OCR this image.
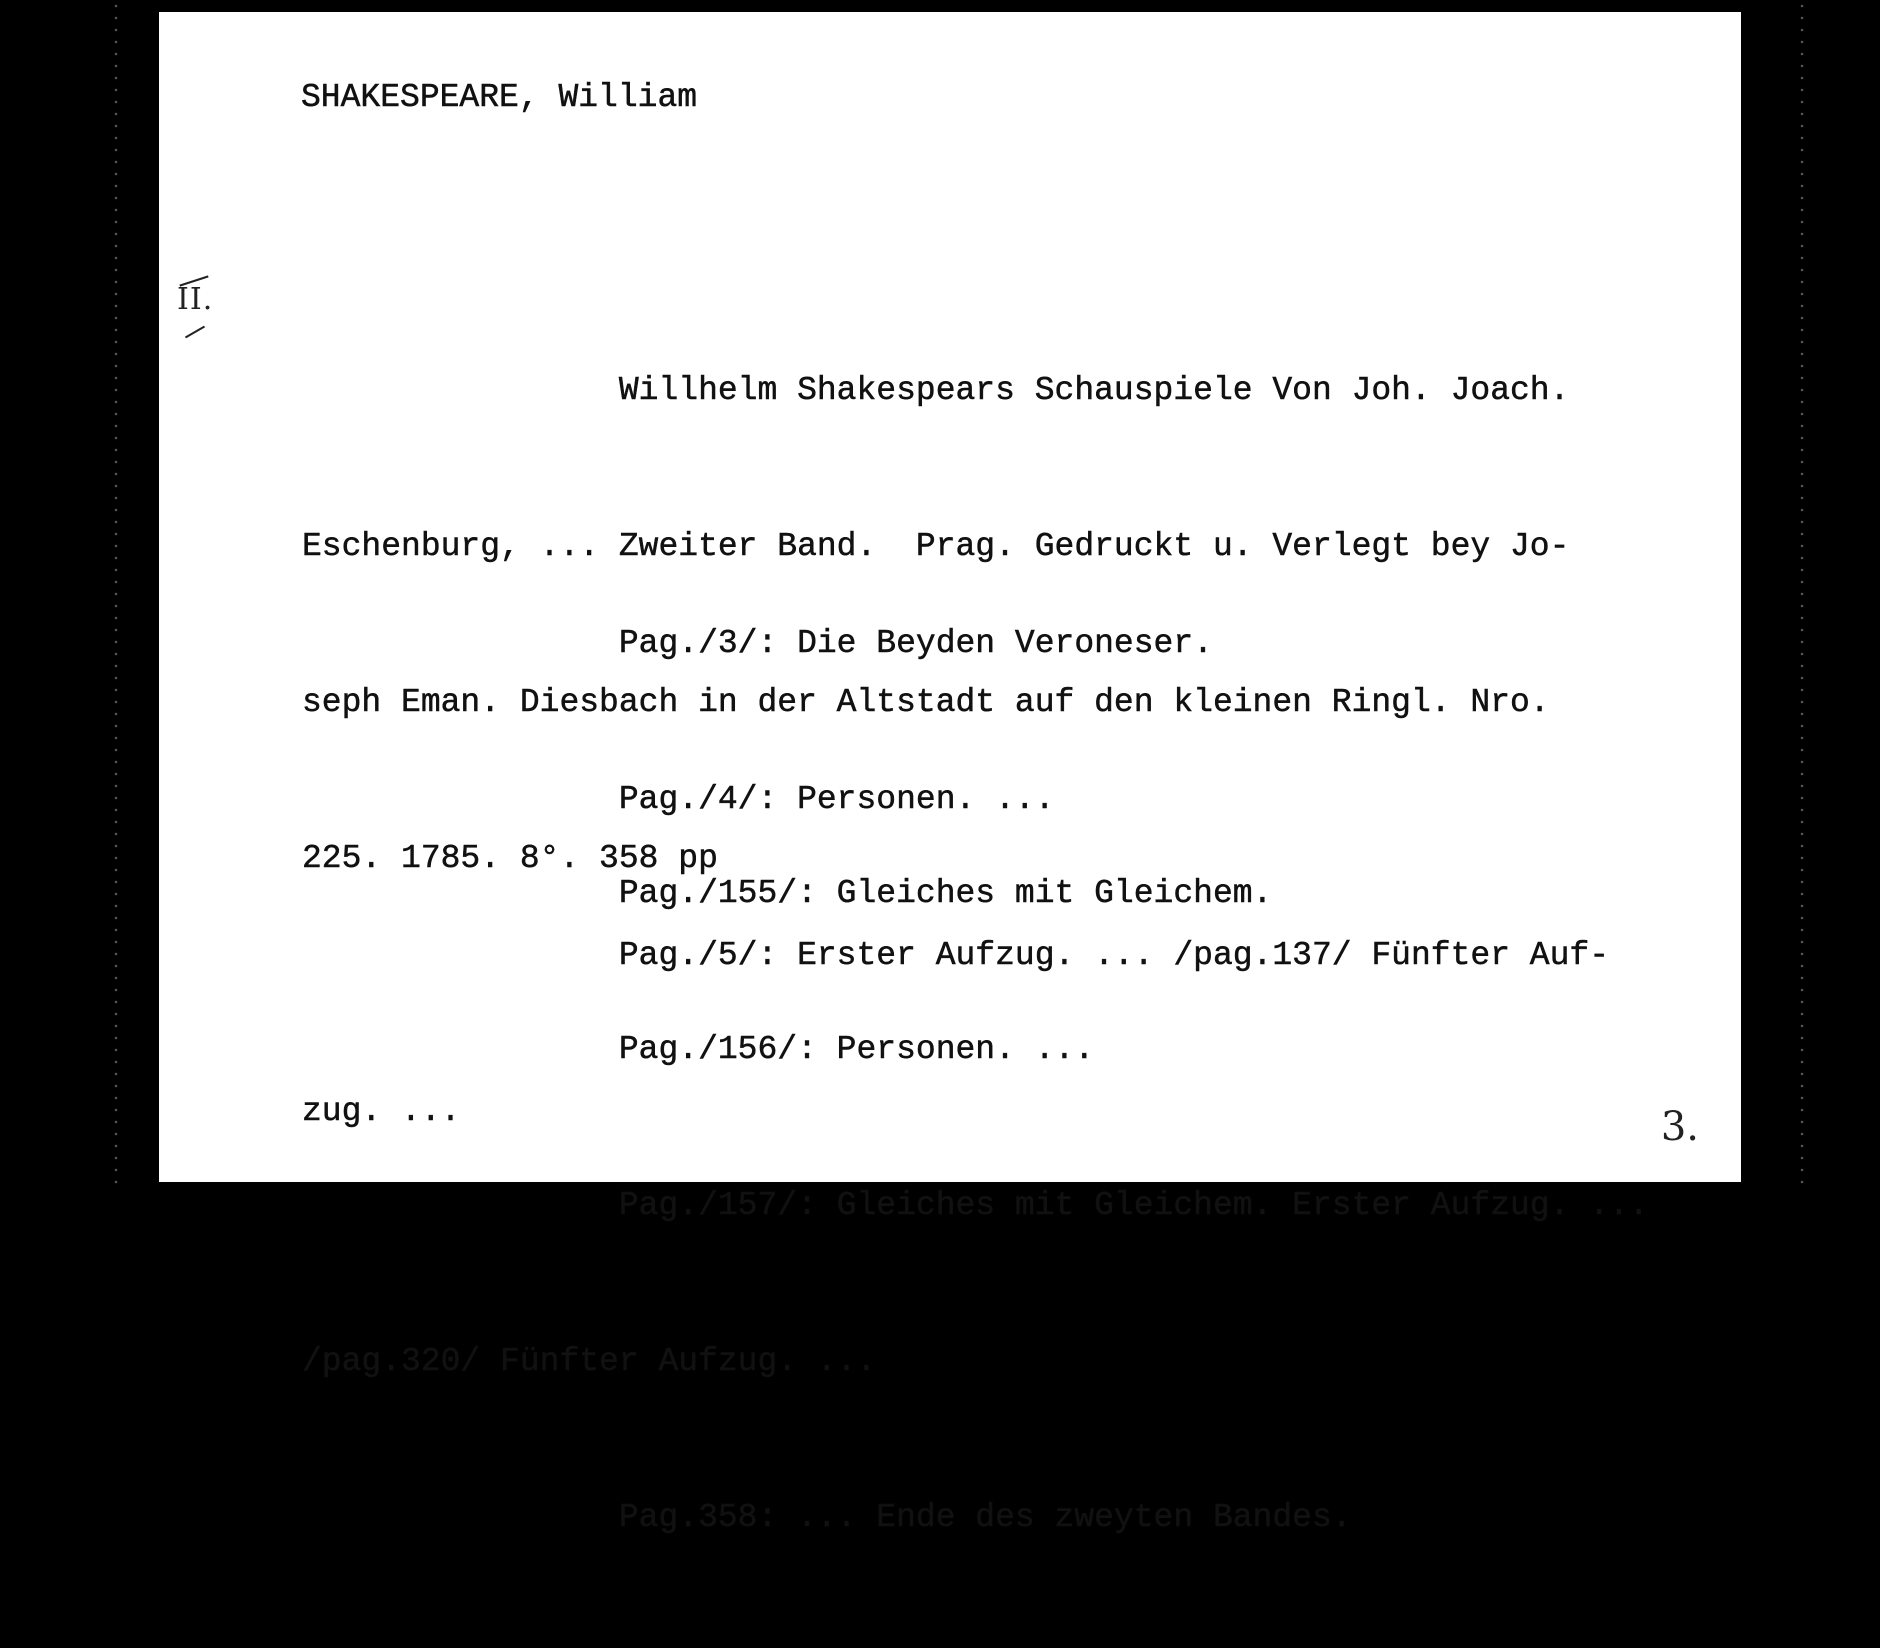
SHAKESPEARE, William

II.

Willhelm Shakespears Schauspiele Von Joh. Joach.

Eschenburg, ... Zweiter Band.  Prag. Gedruckt u. Verlegt bey Jo-

seph Eman. Diesbach in der Altstadt auf den kleinen Ringl. Nro.

225. 1785. 8°. 358 pp

Pag./3/: Die Beyden Veroneser.

Pag./4/: Personen. ...

Pag./5/: Erster Aufzug. ... /pag.137/ Fünfter Auf-

zug. ...

Pag./155/: Gleiches mit Gleichem.

Pag./156/: Personen. ...

Pag./157/: Gleiches mit Gleichem. Erster Aufzug. ...

/pag.320/ Fünfter Aufzug. ...

Pag.358: ... Ende des zweyten Bandes.

3.
